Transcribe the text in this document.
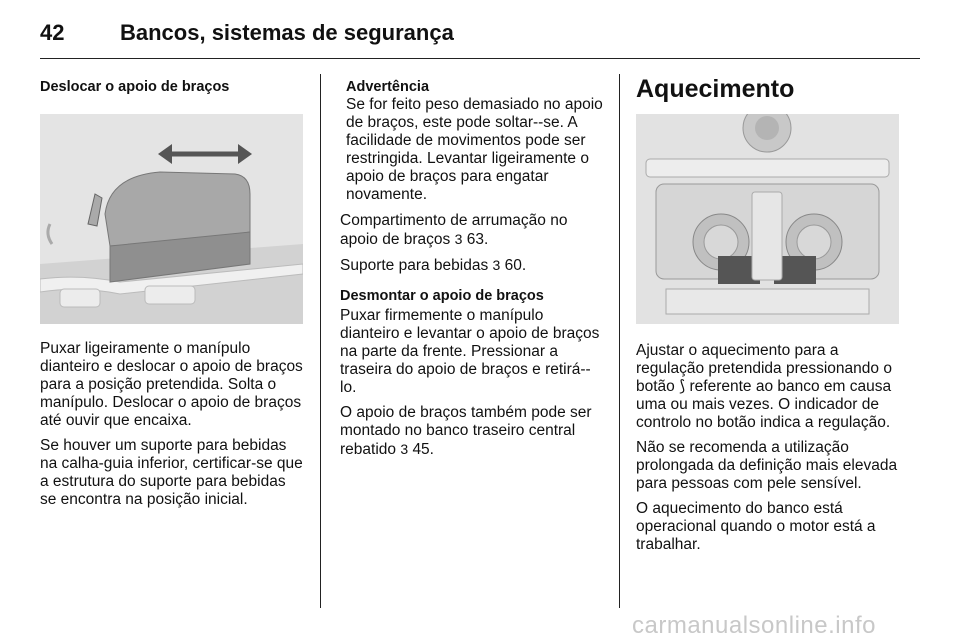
42	Bancos, sistemas de segurança
Deslocar o apoio de braços

Puxar ligeiramente o manípulo dianteiro e deslocar o apoio de braços para a posição pretendida. Solta o manípulo. Deslocar o apoio de braços até ouvir que encaixa.

Se houver um suporte para bebidas na calha-guia inferior, certificar-se que a estrutura do suporte para bebidas se encontra na posição inicial.

Advertência
Se for feito peso demasiado no apoio de braços, este pode soltar--se. A facilidade de movimentos pode ser restringida. Levantar ligeiramente o apoio de braços para engatar novamente.

Compartimento de arrumação no apoio de braços 3 63.

Suporte para bebidas 3 60.

Desmontar o apoio de braços

Puxar firmemente o manípulo dianteiro e levantar o apoio de braços na parte da frente. Pressionar a traseira do apoio de braços e retirá--lo.

O apoio de braços também pode ser montado no banco traseiro central rebatido 3 45.

Aquecimento

Ajustar o aquecimento para a regulação pretendida pressionando o botão ⟆ referente ao banco em causa uma ou mais vezes. O indicador de controlo no botão indica a regulação.

Não se recomenda a utilização prolongada da definição mais elevada para pessoas com pele sensível.

O aquecimento do banco está operacional quando o motor está a trabalhar.

carmanualsonline.info
